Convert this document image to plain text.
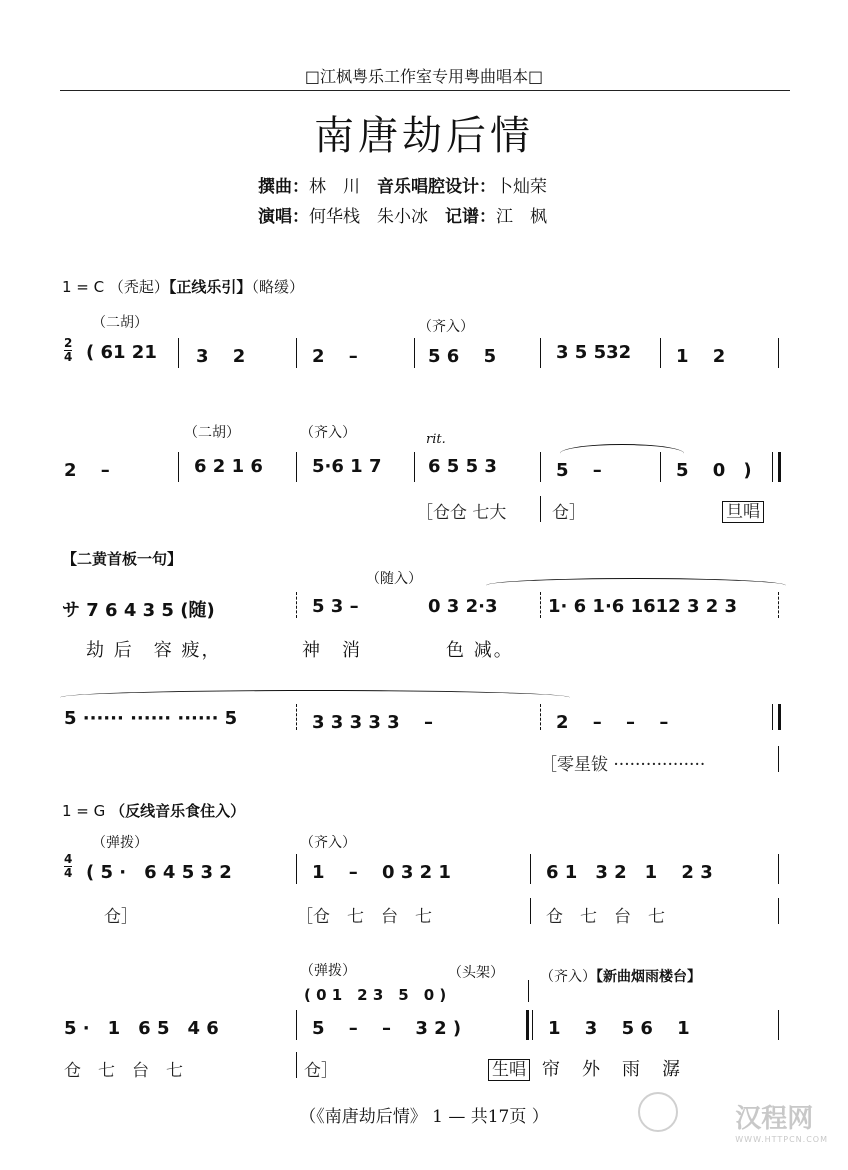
□江枫粤乐工作室专用粤曲唱本□
南唐劫后情
撰曲：林　川　 音乐唱腔设计：卜灿荣
演唱：何华栈　朱小冰　 记谱：江　枫
1 = C （秃起）【正线乐引】（略缓）
（二胡）	（齐入）
2
4 ( 61 21 3　 2	2　 –	5 6　 5	3 5 532 1　 2
（二胡）	（齐入）	rit.
2　 –	6 2 1 6	5·6 1 7	6 5 5 3	5　 –	5　 0　)
［仓仓 七大	仓］	旦唱
【二黄首板一句】
（随入）
サ 7 6 4 3 5 (随)	5 3 –	0 3 2·3	1· 6 1·6 1612 3 2 3
劫 后　容 疲，	神　消	色 减。
5 ······ ······ ······ 5	3 3 3 3 3　 –	2　 –　 –　 –
［零星钹 ·················
1 = G （反线音乐食住入）
（弹拨）	（齐入）
4
4 ( 5 ·　6 4 5 3 2	1　 –　 0 3 2 1	6 1　3 2　1　 2 3
仓］	［仓　七　台　七	仓　七　台　七
（弹拨）	（头架）	（齐入）【新曲烟雨楼台】
( 0 1　2 3　5　0 )
5 ·　1　6 5　4 6	5　 –　 –　 3 2 )	1　 3　 5 6　 1
仓　七　台　七	仓］	生唱 帘　外　雨　潺
（《南唐劫后情》 1 — 共17页 ）	汉程网
WWW.HTTPCN.COM
